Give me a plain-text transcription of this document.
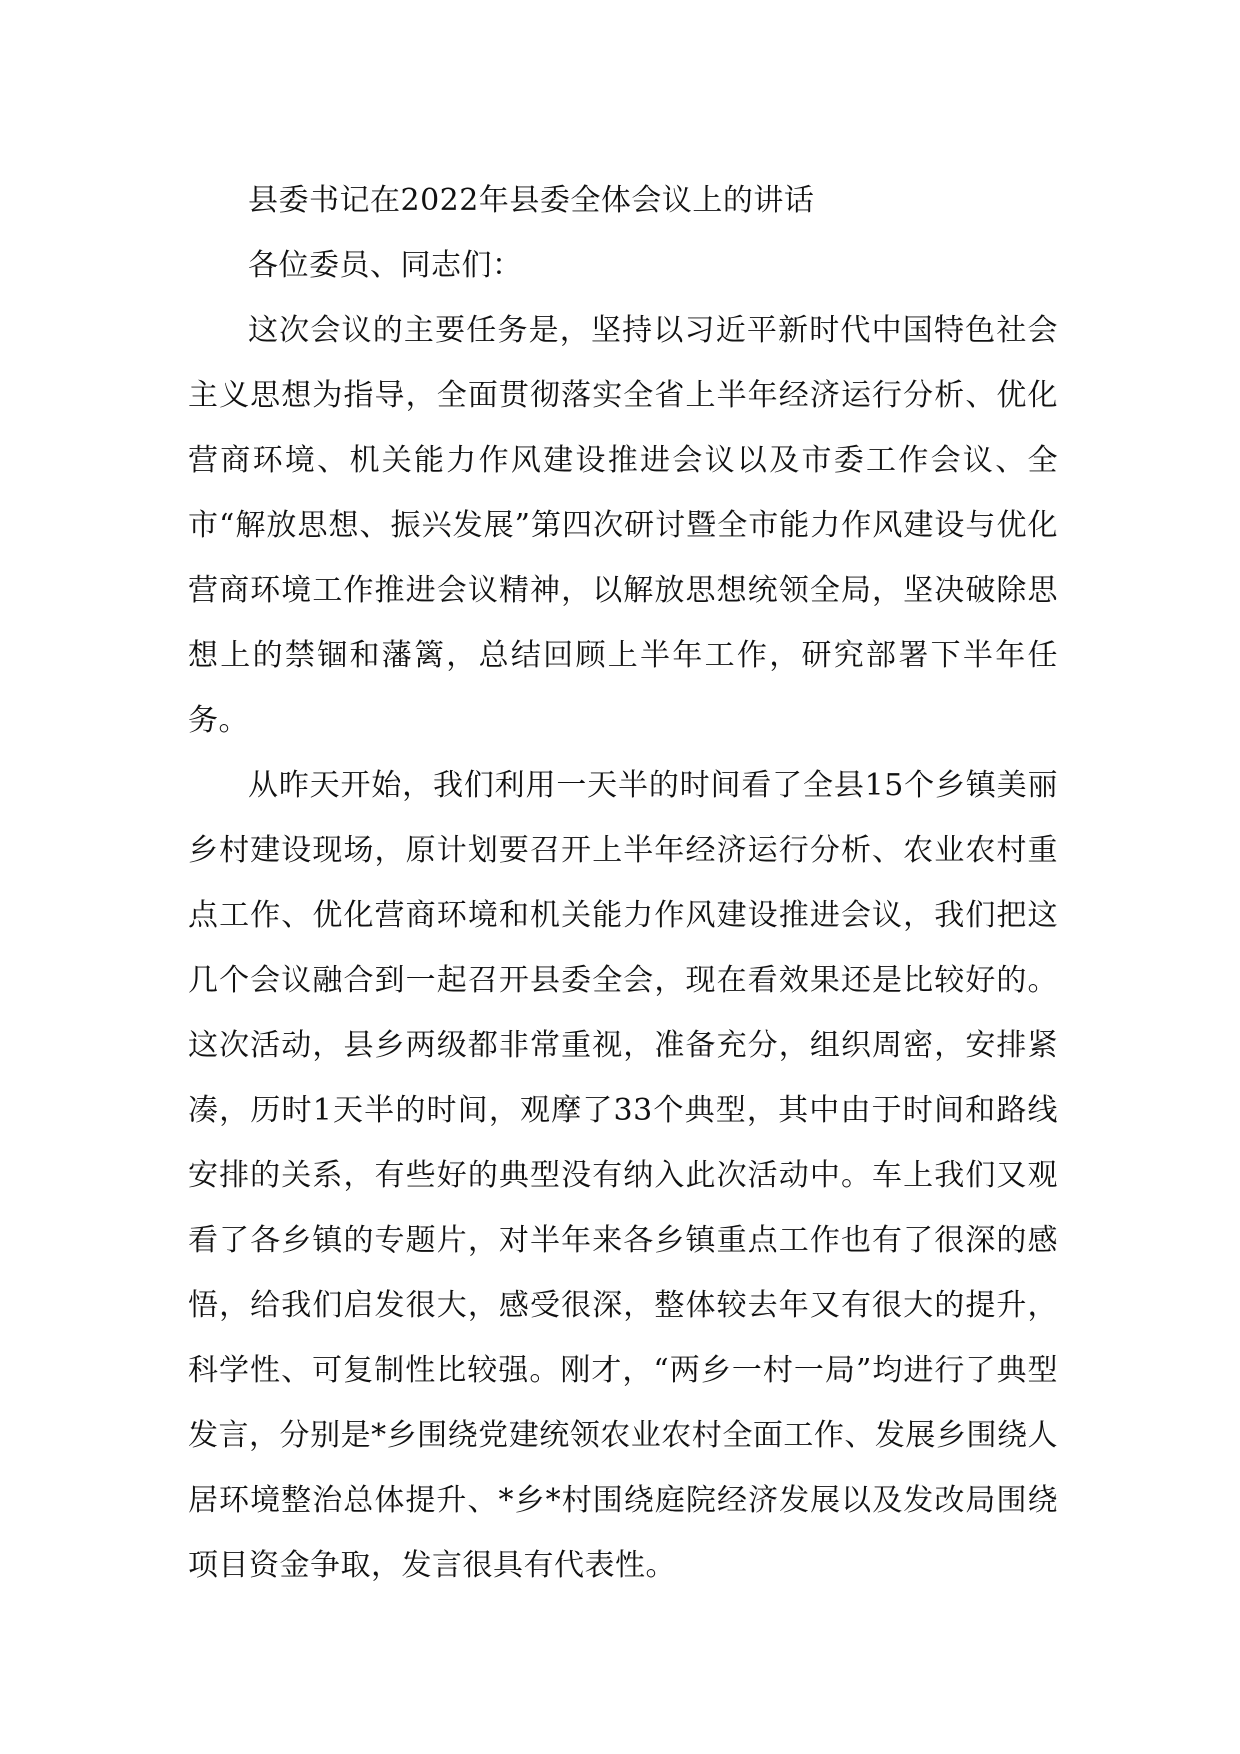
县委书记在2022年县委全体会议上的讲话

各位委员、同志们：

这次会议的主要任务是，坚持以习近平新时代中国特色社会主义思想为指导，全面贯彻落实全省上半年经济运行分析、优化营商环境、机关能力作风建设推进会议以及市委工作会议、全市“解放思想、振兴发展”第四次研讨暨全市能力作风建设与优化营商环境工作推进会议精神，以解放思想统领全局，坚决破除思想上的禁锢和藩篱，总结回顾上半年工作，研究部署下半年任务。

从昨天开始，我们利用一天半的时间看了全县15个乡镇美丽乡村建设现场，原计划要召开上半年经济运行分析、农业农村重点工作、优化营商环境和机关能力作风建设推进会议，我们把这几个会议融合到一起召开县委全会，现在看效果还是比较好的。这次活动，县乡两级都非常重视，准备充分，组织周密，安排紧凑，历时1天半的时间，观摩了33个典型，其中由于时间和路线安排的关系，有些好的典型没有纳入此次活动中。车上我们又观看了各乡镇的专题片，对半年来各乡镇重点工作也有了很深的感悟，给我们启发很大，感受很深，整体较去年又有很大的提升，科学性、可复制性比较强。刚才，“两乡一村一局”均进行了典型发言，分别是*乡围绕党建统领农业农村全面工作、发展乡围绕人居环境整治总体提升、*乡*村围绕庭院经济发展以及发改局围绕项目资金争取，发言很具有代表性。
